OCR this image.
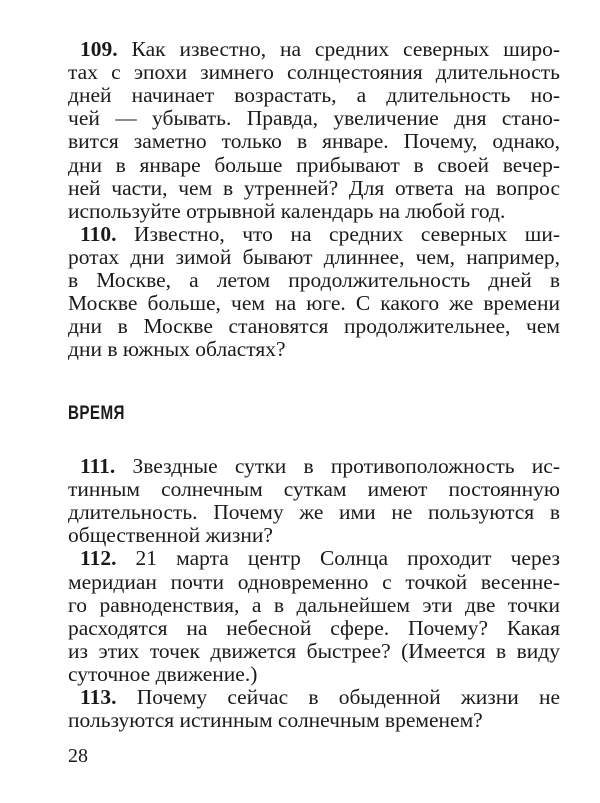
109. Как известно, на средних северных широ-
тах с эпохи зимнего солнцестояния длительность
дней начинает возрастать, а длительность но-
чей — убывать. Правда, увеличение дня стано-
вится заметно только в январе. Почему, однако,
дни в январе больше прибывают в своей вечер-
ней части, чем в утренней? Для ответа на вопрос
используйте отрывной календарь на любой год.
110. Известно, что на средних северных ши-
ротах дни зимой бывают длиннее, чем, например,
в Москве, а летом продолжительность дней в
Москве больше, чем на юге. С какого же времени
дни в Москве становятся продолжительнее, чем
дни в южных областях?
ВРЕМЯ
111. Звездные сутки в противоположность ис-
тинным солнечным суткам имеют постоянную
длительность. Почему же ими не пользуются в
общественной жизни?
112. 21 марта центр Солнца проходит через
меридиан почти одновременно с точкой весенне-
го равноденствия, а в дальнейшем эти две точки
расходятся на небесной сфере. Почему? Какая
из этих точек движется быстрее? (Имеется в виду
суточное движение.)
113. Почему сейчас в обыденной жизни не
пользуются истинным солнечным временем?
28
